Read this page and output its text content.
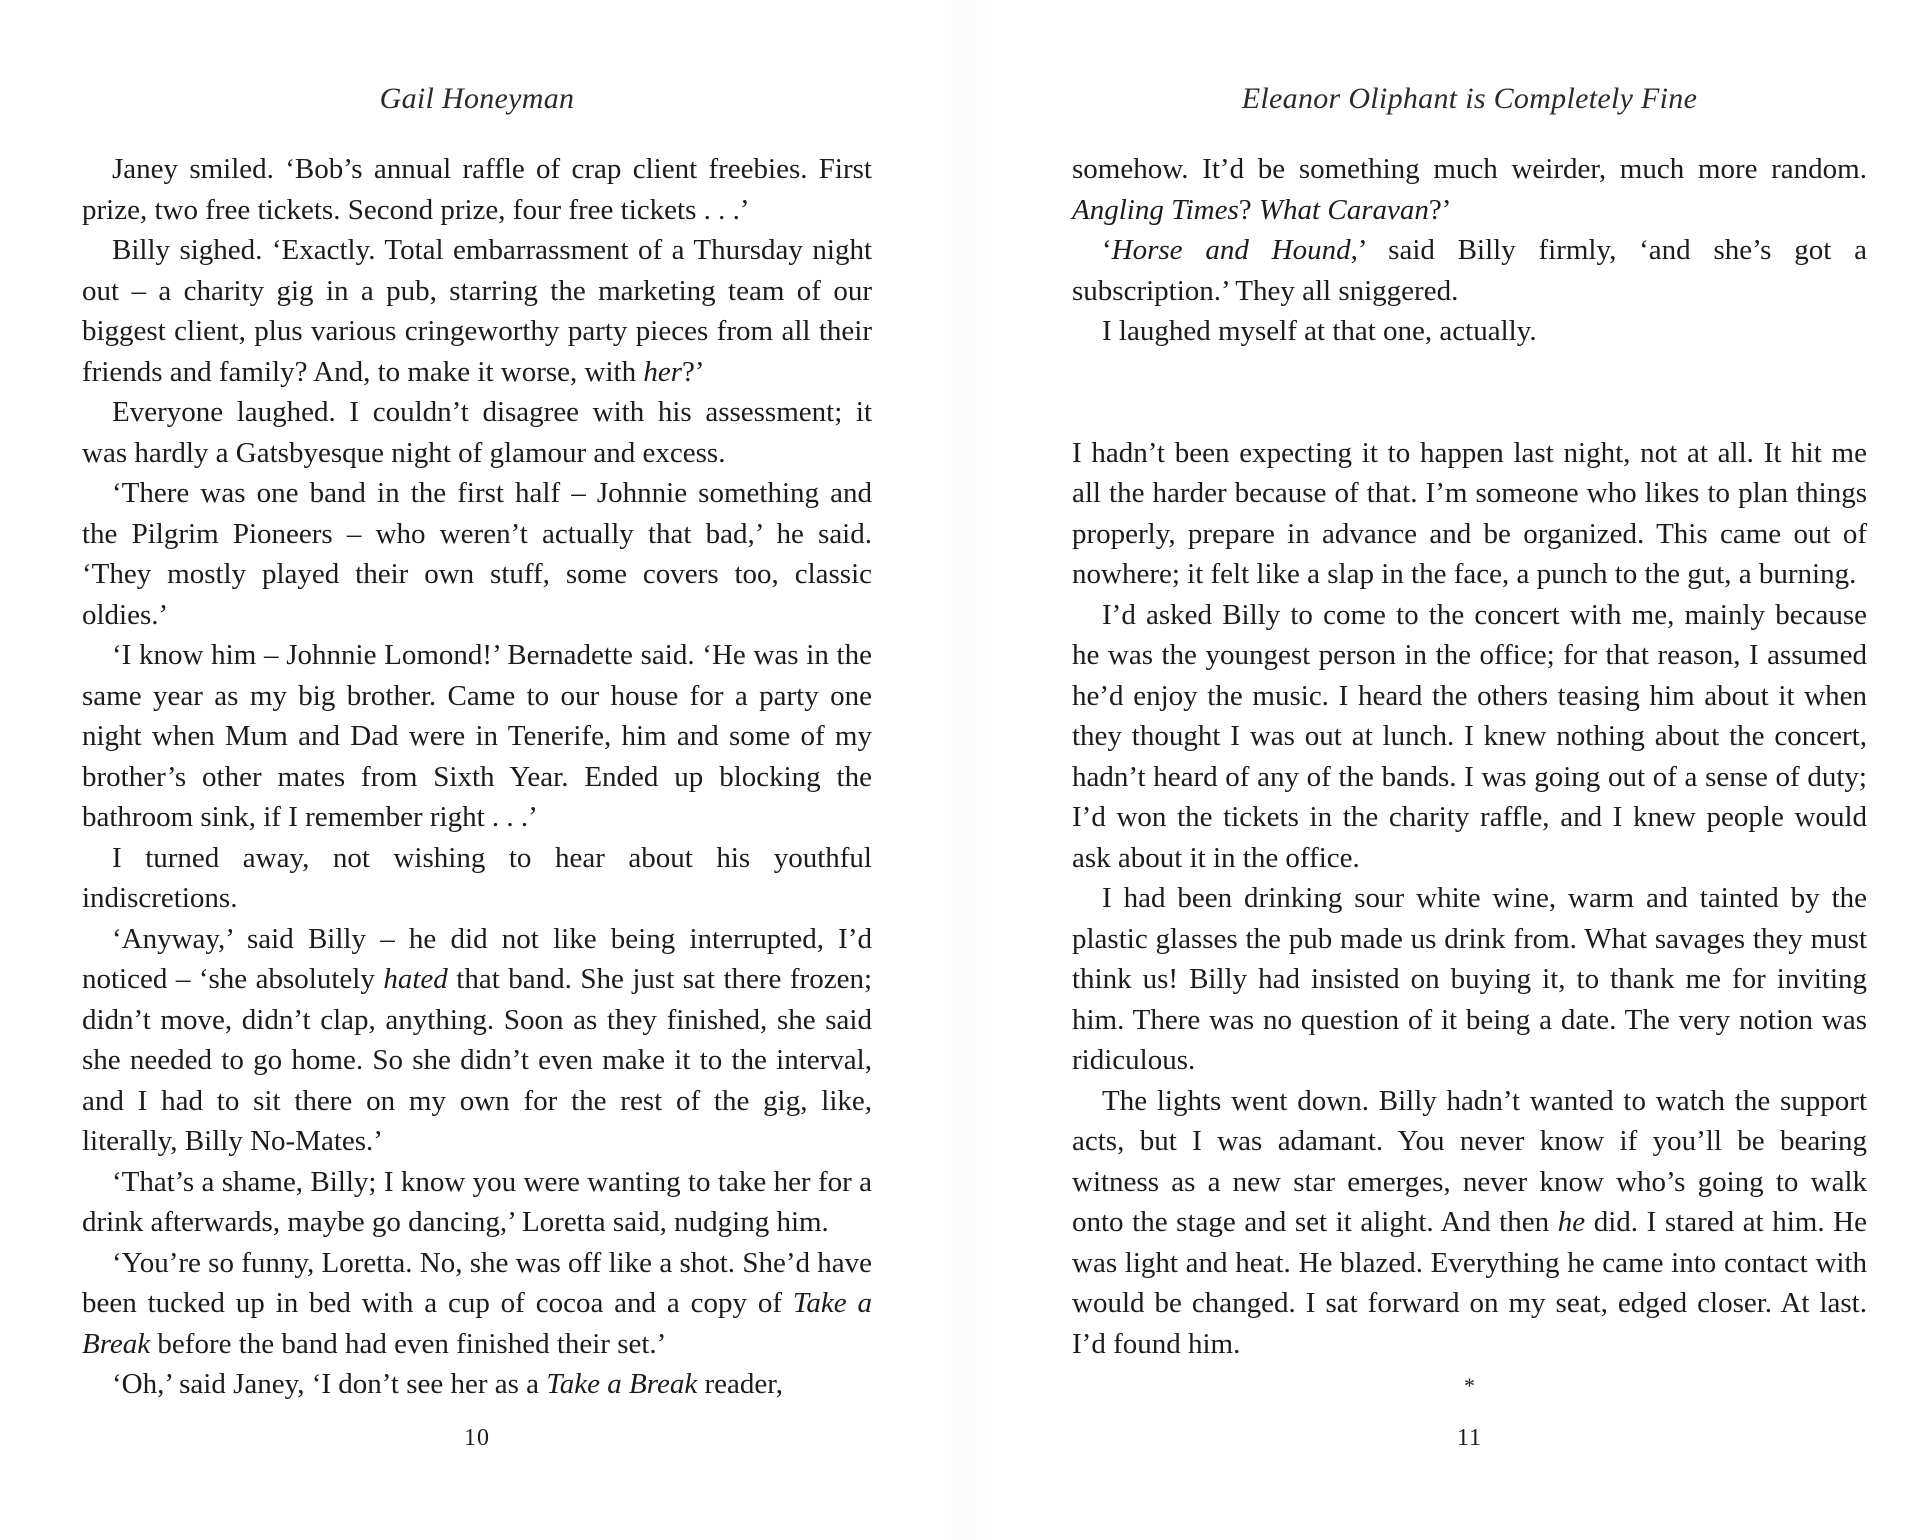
Gail Honeyman

Janey smiled. ‘Bob’s annual raffle of crap client freebies. First prize, two free tickets. Second prize, four free tickets . . .’

Billy sighed. ‘Exactly. Total embarrassment of a Thursday night out – a charity gig in a pub, starring the marketing team of our biggest client, plus various cringeworthy party pieces from all their friends and family? And, to make it worse, with her?’

Everyone laughed. I couldn’t disagree with his assessment; it was hardly a Gatsbyesque night of glamour and excess.

‘There was one band in the first half – Johnnie something and the Pilgrim Pioneers – who weren’t actually that bad,’ he said. ‘They mostly played their own stuff, some covers too, classic oldies.’

‘I know him – Johnnie Lomond!’ Bernadette said. ‘He was in the same year as my big brother. Came to our house for a party one night when Mum and Dad were in Tenerife, him and some of my brother’s other mates from Sixth Year. Ended up blocking the bathroom sink, if I remember right . . .’

I turned away, not wishing to hear about his youthful indiscretions.

‘Anyway,’ said Billy – he did not like being interrupted, I’d noticed – ‘she absolutely hated that band. She just sat there frozen; didn’t move, didn’t clap, anything. Soon as they finished, she said she needed to go home. So she didn’t even make it to the interval, and I had to sit there on my own for the rest of the gig, like, literally, Billy No-Mates.’

‘That’s a shame, Billy; I know you were wanting to take her for a drink afterwards, maybe go dancing,’ Loretta said, nudging him.

‘You’re so funny, Loretta. No, she was off like a shot. She’d have been tucked up in bed with a cup of cocoa and a copy of Take a Break before the band had even finished their set.’

‘Oh,’ said Janey, ‘I don’t see her as a Take a Break reader,

10
Eleanor Oliphant is Completely Fine

somehow. It’d be something much weirder, much more random. Angling Times? What Caravan?’

‘Horse and Hound,’ said Billy firmly, ‘and she’s got a subscription.’ They all sniggered.

I laughed myself at that one, actually.

I hadn’t been expecting it to happen last night, not at all. It hit me all the harder because of that. I’m someone who likes to plan things properly, prepare in advance and be organized. This came out of nowhere; it felt like a slap in the face, a punch to the gut, a burning.

I’d asked Billy to come to the concert with me, mainly because he was the youngest person in the office; for that reason, I assumed he’d enjoy the music. I heard the others teasing him about it when they thought I was out at lunch. I knew nothing about the concert, hadn’t heard of any of the bands. I was going out of a sense of duty; I’d won the tickets in the charity raffle, and I knew people would ask about it in the office.

I had been drinking sour white wine, warm and tainted by the plastic glasses the pub made us drink from. What savages they must think us! Billy had insisted on buying it, to thank me for inviting him. There was no question of it being a date. The very notion was ridiculous.

The lights went down. Billy hadn’t wanted to watch the support acts, but I was adamant. You never know if you’ll be bearing witness as a new star emerges, never know who’s going to walk onto the stage and set it alight. And then he did. I stared at him. He was light and heat. He blazed. Everything he came into contact with would be changed. I sat forward on my seat, edged closer. At last. I’d found him.

*
11
